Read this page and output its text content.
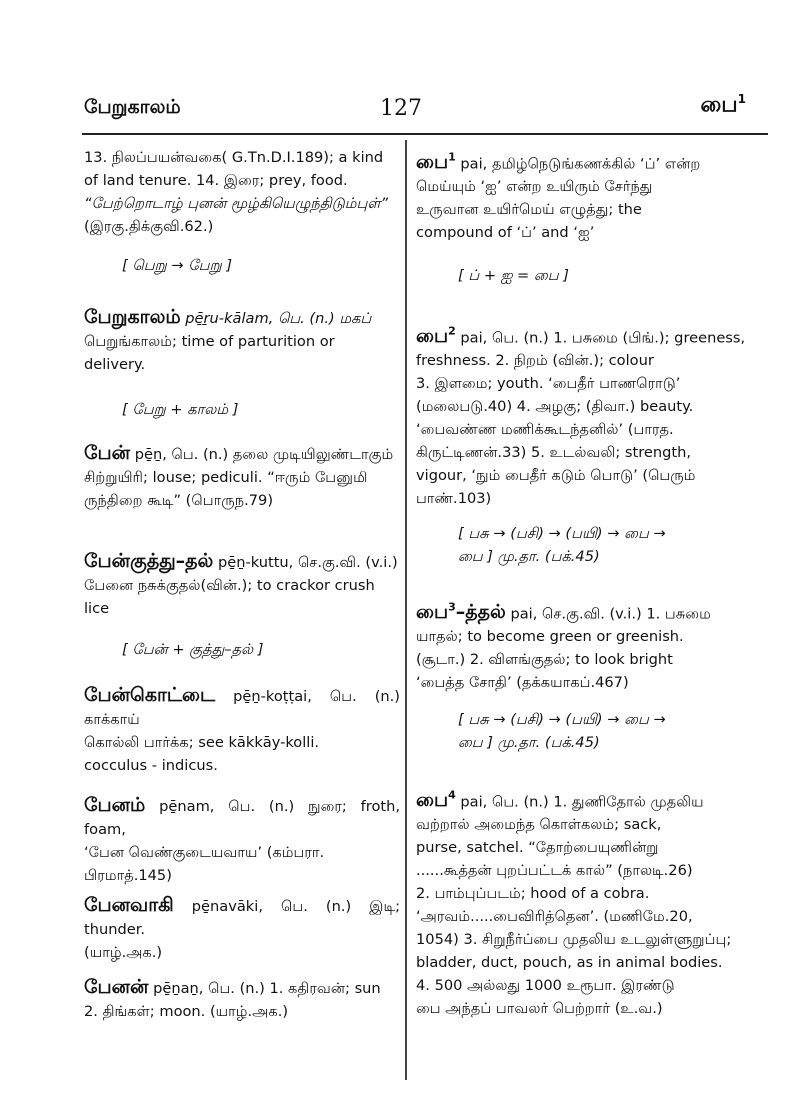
பேறுகாலம்	127	பை$^1$
13. நிலப்பயன்வகை( G.Tn.D.I.189); a kind
of land tenure. 14. இரை; prey, food.
“பேற்றொடாழ் புனன் மூழ்கியெழுந்திடும்புள்”
(இரகு.திக்குவி.62.)
[ பெறு → பேறு ]
பேறுகாலம் pē̱ṟu-kālam, பெ. (n.) மகப்
பெறுங்காலம்; time of parturition or
delivery.
[ பேறு + காலம் ]
பேன் pē̱ṉ, பெ. (n.) தலை முடியிலுண்டாகும்
சிற்றுயிரி; louse; pediculi. “ஈரும் பேனுமி
ருந்திறை கூடி” (பொருந.79)
பேன்குத்து–தல் pē̱ṉ-kuttu, செ.கு.வி. (v.i.)
பேனை நசுக்குதல்(வின்.); to crackor crush
lice
[ பேன் + குத்து–தல் ]
பேன்கொட்டை pē̱ṉ-koṭṭai, பெ. (n.) காக்காய்
கொல்லி பார்க்க; see kākkāy-kolli.
cocculus - indicus.
பேனம் pē̱nam, பெ. (n.) நுரை; froth, foam,
‘பேன வெண்குடையவாய’ (கம்பரா.
பிரமாத்.145)
பேனவாகி pē̱navāki, பெ. (n.) இடி; thunder.
(யாழ்.அக.)
பேனன் pē̱ṉaṉ, பெ. (n.) 1. கதிரவன்; sun
2. திங்கள்; moon. (யாழ்.அக.)
பை$^1$ pai, தமிழ்நெடுங்கணக்கில் ‘ப்’ என்ற
மெய்யும் ‘ஐ’ என்ற உயிரும் சேர்ந்து
உருவான உயிர்மெய் எழுத்து; the
compound of ‘ப்’ and ‘ஐ’
[ ப் + ஐ = பை ]
பை$^2$ pai, பெ. (n.) 1. பசுமை (பிங்.); greeness,
freshness. 2. நிறம் (வின்.); colour
3. இளமை; youth. ‘பைதீர் பாணரொடு’
(மலைபடு.40) 4. அழகு; (திவா.) beauty.
‘பைவண்ண மணிக்கூடந்தனில்’ (பாரத.
கிருட்டிணன்.33) 5. உடல்வலி; strength,
vigour, ‘நும் பைதீர் கடும் பொடு’ (பெரும்
பாண்.103)
[ பசு → (பசி) → (பயி) → பை →
பை ] மு.தா. (பக்.45)
பை$^3$–த்தல் pai, செ.கு.வி. (v.i.) 1. பசுமை
யாதல்; to become green or greenish.
(சூடா.) 2. விளங்குதல்; to look bright
‘பைத்த சோதி’ (தக்கயாகப்.467)
[ பசு → (பசி) → (பயி) → பை →
பை ] மு.தா. (பக்.45)
பை$^4$ pai, பெ. (n.) 1. துணிதோல் முதலிய
வற்றால் அமைந்த கொள்கலம்; sack,
purse, satchel. “தோற்பையுணின்று
......கூத்தன் புறப்பட்டக் கால்” (நாலடி.26)
2. பாம்புப்படம்; hood of a cobra.
‘அரவம்.....பைவிரித்தென’. (மணிமே.20,
1054) 3. சிறுநீர்ப்பை முதலிய உடலுள்ளுறுப்பு;
bladder, duct, pouch, as in animal bodies.
4. 500 அல்லது 1000 உரூபா. இரண்டு
பை அந்தப் பாவலர் பெற்றார் (உ.வ.)
